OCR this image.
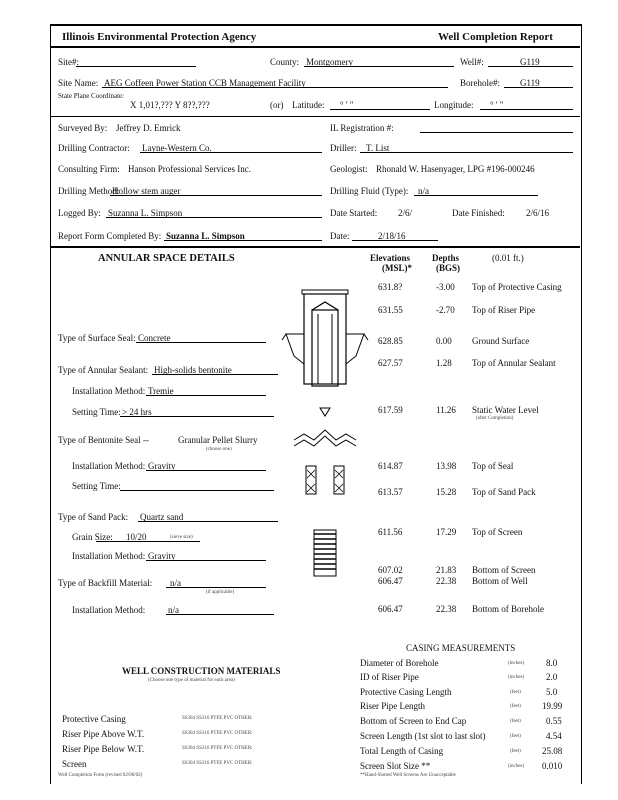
Illinois Environmental Protection Agency	Well Completion Report
Site#:	County: Montgomery	Well#:	G119
Site Name: AEG Coffeen Power Station CCB Management Facility	Borehole#: G119
State Plane Coordinate:
X 1,01?,??? Y 8??,???	(or) Latitude: ° ' "	Longitude: ° ' "
Surveyed By: Jeffrey D. Emrick	IL Registration #:
Drilling Contractor: Layne-Western Co.	Driller: T. List
Consulting Firm: Hanson Professional Services Inc.	Geologist: Rhonald W. Hasenyager, LPG #196-000246
Drilling Method:
Hollow stem auger	Drilling Fluid (Type): n/a
Logged By: Suzanna L. Simpson	Date Started: 2/6/	Date Finished: 2/6/16
Report Form Completed By: Suzanna L. Simpson	Date:	2/18/16
ANNULAR SPACE DETAILS	Elevations
(MSL)*
Depths
(BGS)
(0.01 ft.)
631.8?	-3.00 Top of Protective Casing
631.55	-2.70 Top of Riser Pipe
628.85	0.00 Ground Surface
627.57	1.28 Top of Annular Sealant
617.59	11.26 Static Water Level
(after Completion)
614.87	13.98 Top of Seal
613.57	15.28 Top of Sand Pack
611.56	17.29 Top of Screen
607.02	21.83 Bottom of Screen
606.47	22.38 Bottom of Well
606.47	22.38 Bottom of Borehole
Type of Surface Seal: Concrete
Type of Annular Sealant: High-solids bentonite
Installation Method: Tremie
Setting Time: > 24 hrs
Type of Bentonite Seal --	Granular Pellet Slurry
(choose one)
Installation Method: Gravity
Setting Time:
Type of Sand Pack: Quartz sand
Grain Size: 10/20	(sieve size)
Installation Method: Gravity
Type of Backfill Material: n/a
(if applicable)
Installation Method:	n/a
WELL CONSTRUCTION MATERIALS
(Choose one type of material for each area)
Protective Casing	SS304 SS316 PTFE PVC OTHER:
Riser Pipe Above W.T.	SS304 SS316 PTFE PVC OTHER:
Riser Pipe Below W.T.	SS304 SS316 PTFE PVC OTHER:
Screen	SS304 SS316 PTFE PVC OTHER:
CASING MEASUREMENTS
Diameter of Borehole	(inches) 8.0
ID of Riser Pipe	(inches) 2.0
Protective Casing Length	(feet)	5.0
Riser Pipe Length	(feet) 19.99
Bottom of Screen to End Cap	(feet)	0.55
Screen Length (1st slot to last slot)	(feet)	4.54
Total Length of Casing	(feet) 25.08
Screen Slot Size **	(inches) 0.010
Well Completion Form (revised 02/06/02)	**Hand-Slotted Well Screens Are Unacceptable
